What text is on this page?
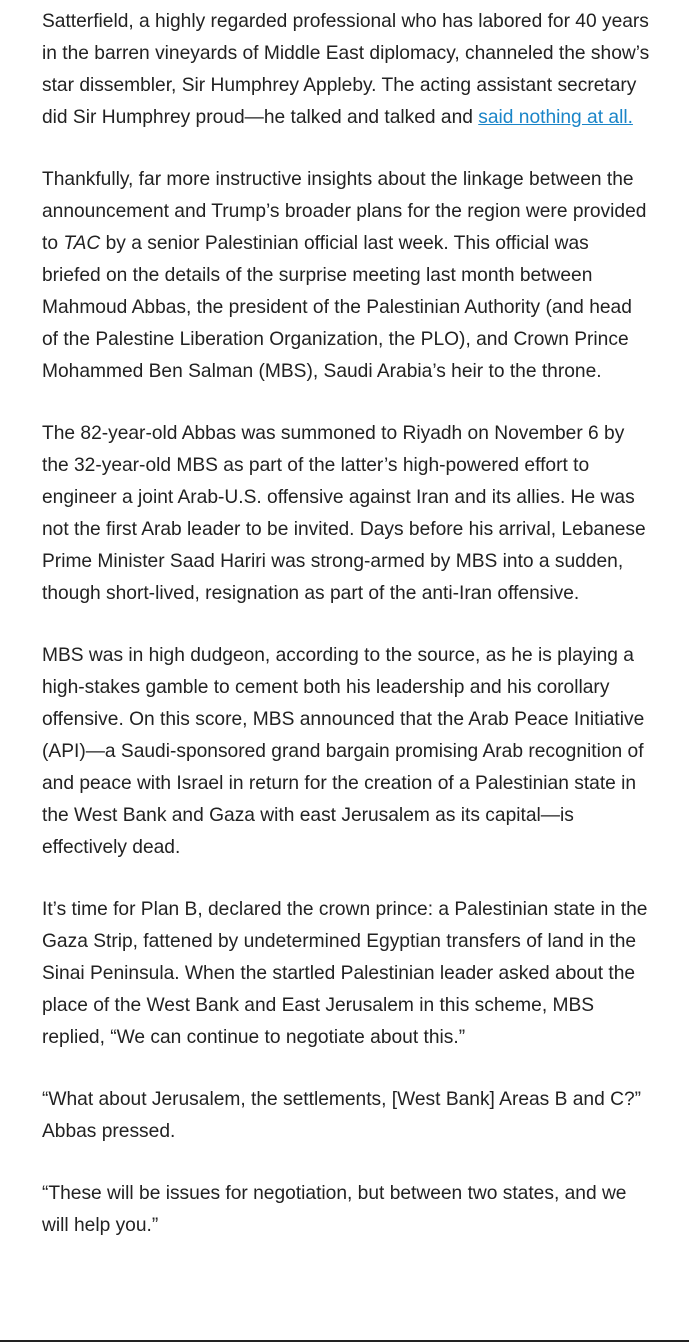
Satterfield, a highly regarded professional who has labored for 40 years in the barren vineyards of Middle East diplomacy, channeled the show’s star dissembler, Sir Humphrey Appleby. The acting assistant secretary did Sir Humphrey proud—he talked and talked and said nothing at all.

Thankfully, far more instructive insights about the linkage between the announcement and Trump’s broader plans for the region were provided to TAC by a senior Palestinian official last week. This official was briefed on the details of the surprise meeting last month between Mahmoud Abbas, the president of the Palestinian Authority (and head of the Palestine Liberation Organization, the PLO), and Crown Prince Mohammed Ben Salman (MBS), Saudi Arabia’s heir to the throne.

The 82-year-old Abbas was summoned to Riyadh on November 6 by the 32-year-old MBS as part of the latter’s high-powered effort to engineer a joint Arab-U.S. offensive against Iran and its allies. He was not the first Arab leader to be invited. Days before his arrival, Lebanese Prime Minister Saad Hariri was strong-armed by MBS into a sudden, though short-lived, resignation as part of the anti-Iran offensive.

MBS was in high dudgeon, according to the source, as he is playing a high-stakes gamble to cement both his leadership and his corollary offensive. On this score, MBS announced that the Arab Peace Initiative (API)—a Saudi-sponsored grand bargain promising Arab recognition of and peace with Israel in return for the creation of a Palestinian state in the West Bank and Gaza with east Jerusalem as its capital—is effectively dead.

It’s time for Plan B, declared the crown prince: a Palestinian state in the Gaza Strip, fattened by undetermined Egyptian transfers of land in the Sinai Peninsula. When the startled Palestinian leader asked about the place of the West Bank and East Jerusalem in this scheme, MBS replied, “We can continue to negotiate about this.”

“What about Jerusalem, the settlements, [West Bank] Areas B and C?” Abbas pressed.

“These will be issues for negotiation, but between two states, and we will help you.”
